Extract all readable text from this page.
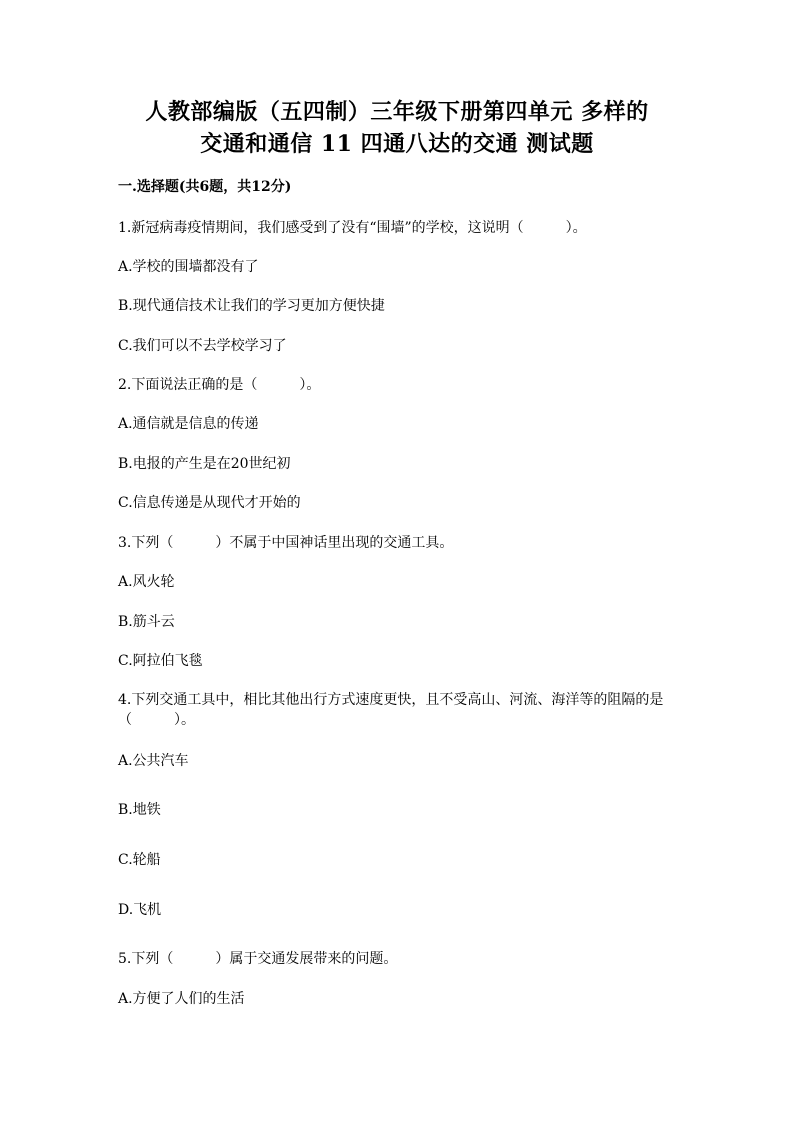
人教部编版（五四制）三年级下册第四单元 多样的
交通和通信 11 四通八达的交通 测试题
一.选择题(共6题，共12分)
1.新冠病毒疫情期间，我们感受到了没有“围墙”的学校，这说明（　　　）。
A.学校的围墙都没有了
B.现代通信技术让我们的学习更加方便快捷
C.我们可以不去学校学习了
2.下面说法正确的是（　　　）。
A.通信就是信息的传递
B.电报的产生是在20世纪初
C.信息传递是从现代才开始的
3.下列（　　　）不属于中国神话里出现的交通工具。
A.风火轮
B.筋斗云
C.阿拉伯飞毯
4.下列交通工具中，相比其他出行方式速度更快，且不受高山、河流、海洋等的阻隔的是（　　　）。
A.公共汽车
B.地铁
C.轮船
D.飞机
5.下列（　　　）属于交通发展带来的问题。
A.方便了人们的生活
